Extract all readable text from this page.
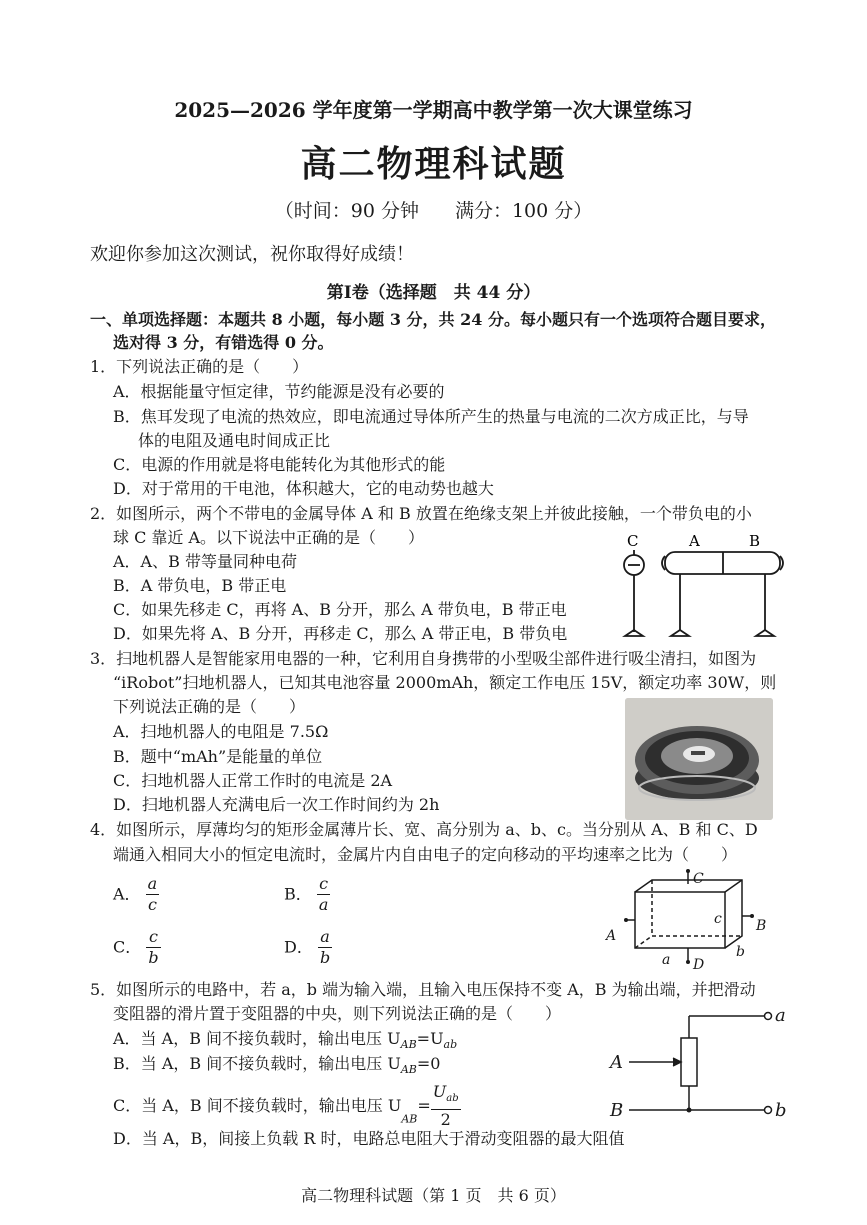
2025—2026 学年度第一学期高中教学第一次大课堂练习
高二物理科试题
（时间：90 分钟 满分：100 分）
欢迎你参加这次测试，祝你取得好成绩！
第Ⅰ卷（选择题　共 44 分）
一、单项选择题：本题共 8 小题，每小题 3 分，共 24 分。每小题只有一个选项符合题目要求，
选对得 3 分，有错选得 0 分。
1．下列说法正确的是（　　）
A．根据能量守恒定律，节约能源是没有必要的
B．焦耳发现了电流的热效应，即电流通过导体所产生的热量与电流的二次方成正比，与导
体的电阻及通电时间成正比
C．电源的作用就是将电能转化为其他形式的能
D．对于常用的干电池，体积越大，它的电动势也越大
2．如图所示，两个不带电的金属导体 A 和 B 放置在绝缘支架上并彼此接触，一个带负电的小
球 C 靠近 A。以下说法中正确的是（　　）
A．A、B 带等量同种电荷
B．A 带负电，B 带正电
C．如果先移走 C，再将 A、B 分开，那么 A 带负电，B 带正电
D．如果先将 A、B 分开，再移走 C，那么 A 带正电，B 带负电
C	A	B
3．扫地机器人是智能家用电器的一种，它利用自身携带的小型吸尘部件进行吸尘清扫，如图为
“iRobot”扫地机器人，已知其电池容量 2000mAh，额定工作电压 15V，额定功率 30W，则
下列说法正确的是（　　）
A．扫地机器人的电阻是 7.5Ω
B．题中“mAh”是能量的单位
C．扫地机器人正常工作时的电流是 2A
D．扫地机器人充满电后一次工作时间约为 2h
4．如图所示，厚薄均匀的矩形金属薄片长、宽、高分别为 a、b、c。当分别从 A、B 和 C、D
端通入相同大小的恒定电流时，金属片内自由电子的定向移动的平均速率之比为（　　）
A． $\frac{a}{c}$	B． $\frac{c}{a}$
C． $\frac{c}{b}$	D． $\frac{a}{b}$
C
A
B
D
a	b
c
5．如图所示的电路中，若 a，b 端为输入端，且输入电压保持不变 A，B 为输出端，并把滑动
变阻器的滑片置于变阻器的中央，则下列说法正确的是（　　）
A．当 A，B 间不接负载时，输出电压 $U_{AB}=U_{ab}$
B．当 A，B 间不接负载时，输出电压 $U_{AB}=0$
C．当 A，B 间不接负载时，输出电压 $U_{AB}= \frac{U_{ab}}{2}$
D．当 A，B，间接上负载 R 时，电路总电阻大于滑动变阻器的最大阻值
a
A
B	b
高二物理科试题（第 1 页　共 6 页）
